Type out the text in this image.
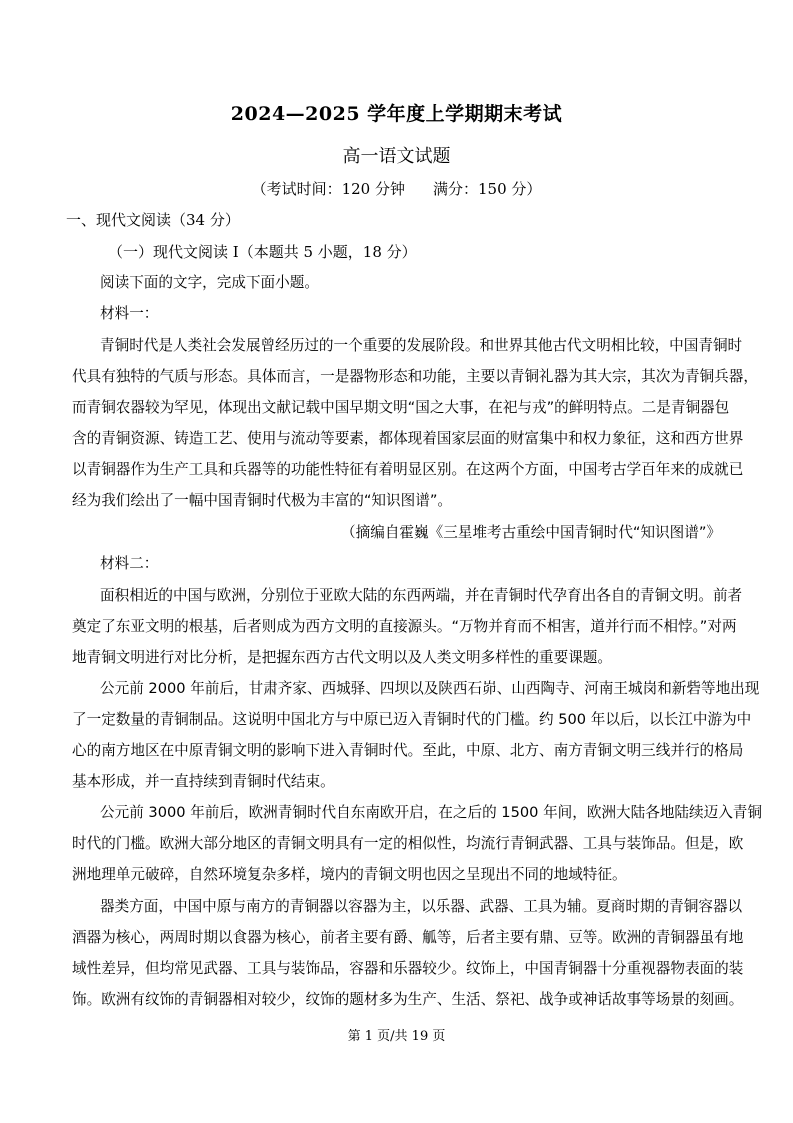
2024—2025 学年度上学期期末考试
高一语文试题
（考试时间：120 分钟 满分：150 分）
一、现代文阅读（34 分）
（一）现代文阅读 I（本题共 5 小题，18 分）
阅读下面的文字，完成下面小题。
材料一：
青铜时代是人类社会发展曾经历过的一个重要的发展阶段。和世界其他古代文明相比较，中国青铜时
代具有独特的气质与形态。具体而言，一是器物形态和功能，主要以青铜礼器为其大宗，其次为青铜兵器，
而青铜农器较为罕见，体现出文献记载中国早期文明“国之大事，在祀与戎”的鲜明特点。二是青铜器包
含的青铜资源、铸造工艺、使用与流动等要素，都体现着国家层面的财富集中和权力象征，这和西方世界
以青铜器作为生产工具和兵器等的功能性特征有着明显区别。在这两个方面，中国考古学百年来的成就已
经为我们绘出了一幅中国青铜时代极为丰富的“知识图谱”。
（摘编自霍巍《三星堆考古重绘中国青铜时代“知识图谱”》
材料二：
面积相近的中国与欧洲，分别位于亚欧大陆的东西两端，并在青铜时代孕育出各自的青铜文明。前者
奠定了东亚文明的根基，后者则成为西方文明的直接源头。“万物并育而不相害，道并行而不相悖。”对两
地青铜文明进行对比分析，是把握东西方古代文明以及人类文明多样性的重要课题。
公元前 2000 年前后，甘肃齐家、西城驿、四坝以及陕西石峁、山西陶寺、河南王城岗和新砦等地出现
了一定数量的青铜制品。这说明中国北方与中原已迈入青铜时代的门槛。约 500 年以后，以长江中游为中
心的南方地区在中原青铜文明的影响下进入青铜时代。至此，中原、北方、南方青铜文明三线并行的格局
基本形成，并一直持续到青铜时代结束。
公元前 3000 年前后，欧洲青铜时代自东南欧开启，在之后的 1500 年间，欧洲大陆各地陆续迈入青铜
时代的门槛。欧洲大部分地区的青铜文明具有一定的相似性，均流行青铜武器、工具与装饰品。但是，欧
洲地理单元破碎，自然环境复杂多样，境内的青铜文明也因之呈现出不同的地域特征。
器类方面，中国中原与南方的青铜器以容器为主，以乐器、武器、工具为辅。夏商时期的青铜容器以
酒器为核心，两周时期以食器为核心，前者主要有爵、觚等，后者主要有鼎、豆等。欧洲的青铜器虽有地
域性差异，但均常见武器、工具与装饰品，容器和乐器较少。纹饰上，中国青铜器十分重视器物表面的装
饰。欧洲有纹饰的青铜器相对较少，纹饰的题材多为生产、生活、祭祀、战争或神话故事等场景的刻画。
第 1 页/共 19 页
